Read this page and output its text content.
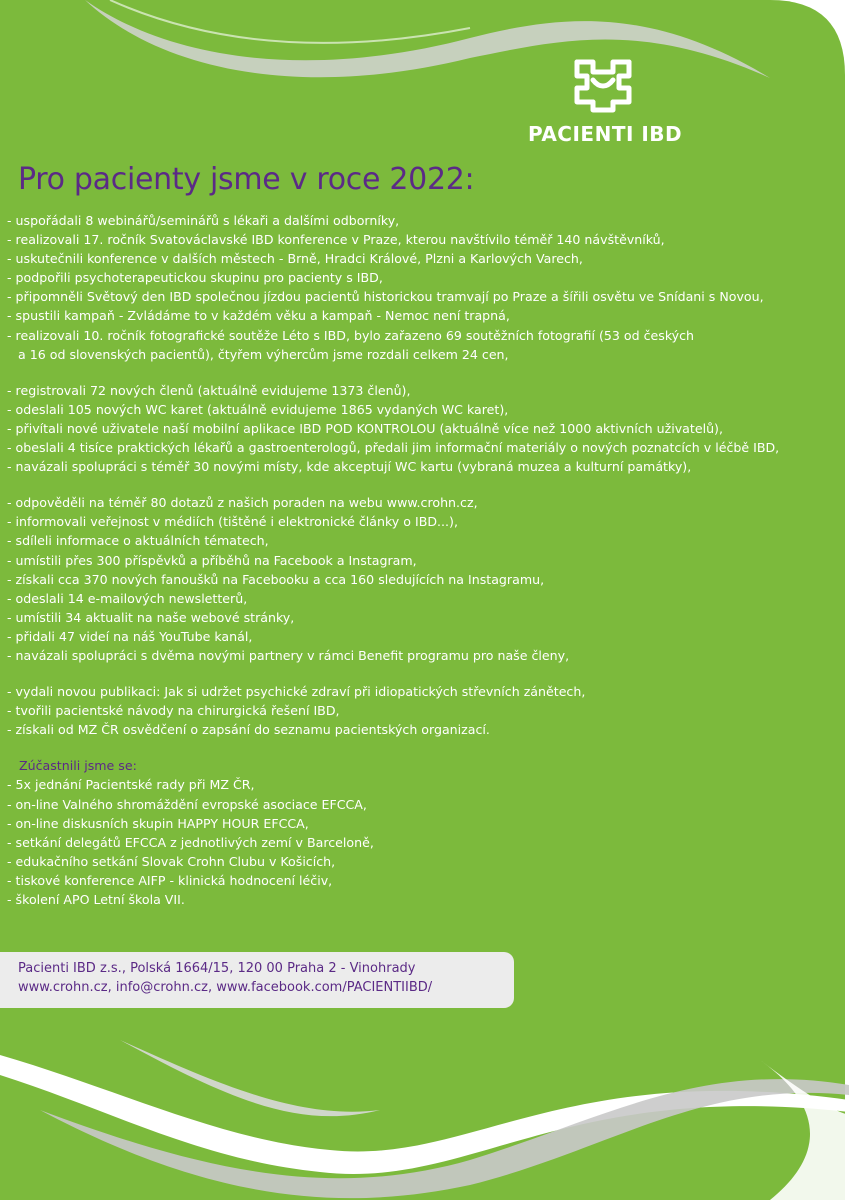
PACIENTI IBD
Pro pacienty jsme v roce 2022:
- uspořádali 8 webinářů/seminářů s lékaři a dalšími odborníky,
- realizovali 17. ročník Svatováclavské IBD konference v Praze, kterou navštívilo téměř 140 návštěvníků,
- uskutečnili konference v dalších městech - Brně, Hradci Králové, Plzni a Karlových Varech,
- podpořili psychoterapeutickou skupinu pro pacienty s IBD,
- připomněli Světový den IBD společnou jízdou pacientů historickou tramvají po Praze a šířili osvětu ve Snídani s Novou,
- spustili kampaň - Zvládáme to v každém věku a kampaň - Nemoc není trapná,
- realizovali 10. ročník fotografické soutěže Léto s IBD, bylo zařazeno 69 soutěžních fotografií (53 od českých
a 16 od slovenských pacientů), čtyřem výhercům jsme rozdali celkem 24 cen,
- registrovali 72 nových členů (aktuálně evidujeme 1373 členů),
- odeslali 105 nových WC karet (aktuálně evidujeme 1865 vydaných WC karet),
- přivítali nové uživatele naší mobilní aplikace IBD POD KONTROLOU (aktuálně více než 1000 aktivních uživatelů),
- obeslali 4 tisíce praktických lékařů a gastroenterologů, předali jim informační materiály o nových poznatcích v léčbě IBD,
- navázali spolupráci s téměř 30 novými místy, kde akceptují WC kartu (vybraná muzea a kulturní památky),
- odpověděli na téměř 80 dotazů z našich poraden na webu www.crohn.cz,
- informovali veřejnost v médiích (tištěné i elektronické články o IBD...),
- sdíleli informace o aktuálních tématech,
- umístili přes 300 příspěvků a příběhů na Facebook a Instagram,
- získali cca 370 nových fanoušků na Facebooku a cca 160 sledujících na Instagramu,
- odeslali 14 e-mailových newsletterů,
- umístili 34 aktualit na naše webové stránky,
- přidali 47 videí na náš YouTube kanál,
- navázali spolupráci s dvěma novými partnery v rámci Benefit programu pro naše členy,
- vydali novou publikaci: Jak si udržet psychické zdraví při idiopatických střevních zánětech,
- tvořili pacientské návody na chirurgická řešení IBD,
- získali od MZ ČR osvědčení o zapsání do seznamu pacientských organizací.
Zúčastnili jsme se:
- 5x jednání Pacientské rady při MZ ČR,
- on-line Valného shromáždění evropské asociace EFCCA,
- on-line diskusních skupin HAPPY HOUR EFCCA,
- setkání delegátů EFCCA z jednotlivých zemí v Barceloně,
- edukačního setkání Slovak Crohn Clubu v Košicích,
- tiskové konference AIFP - klinická hodnocení léčiv,
- školení APO Letní škola VII.
Pacienti IBD z.s., Polská 1664/15, 120 00 Praha 2 - Vinohrady
www.crohn.cz, info@crohn.cz, www.facebook.com/PACIENTIIBD/
